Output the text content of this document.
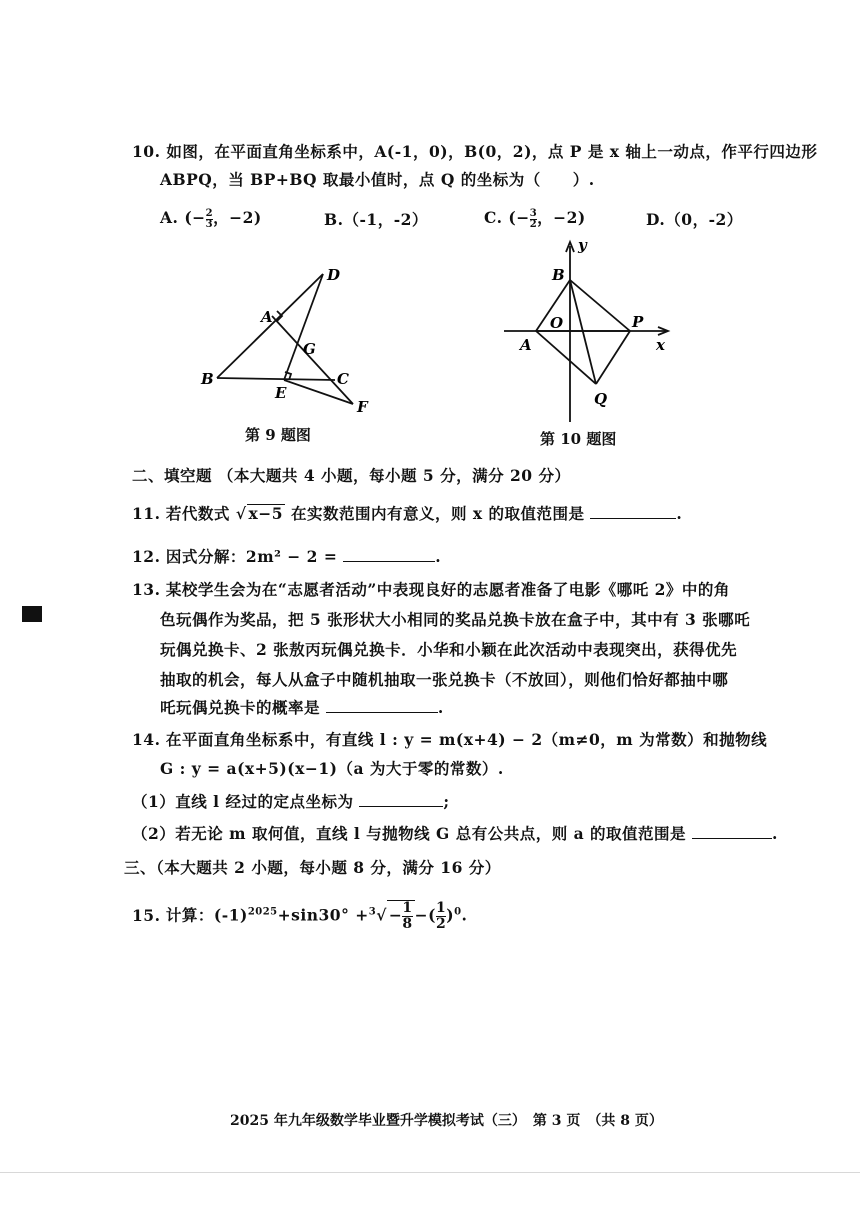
10. 如图，在平面直角坐标系中，A(-1，0)，B(0，2)，点 P 是 x 轴上一动点，作平行四边形
ABPQ，当 BP+BQ 取最小值时，点 Q 的坐标为（　　）.
A. (− $\frac{2}{3}$ ，−2)	B.（-1，-2）	C. (− $\frac{3}{2}$ ，−2)	D.（0，-2）
D
A
G
B	C
E
F
第 9 题图
y
B
O	P
A	x
Q
第 10 题图
二、填空题 （本大题共 4 小题，每小题 5 分，满分 20 分）
11. 若代数式 √ x−5 在实数范围内有意义，则 x 的取值范围是	.
12. 因式分解：2m² − 2 =	.
13. 某校学生会为在“志愿者活动”中表现良好的志愿者准备了电影《哪吒 2》中的角
色玩偶作为奖品，把 5 张形状大小相同的奖品兑换卡放在盒子中，其中有 3 张哪吒
玩偶兑换卡、2 张敖丙玩偶兑换卡．小华和小颖在此次活动中表现突出，获得优先
抽取的机会，每人从盒子中随机抽取一张兑换卡（不放回），则他们恰好都抽中哪
吒玩偶兑换卡的概率是	.
14. 在平面直角坐标系中，有直线 l : y = m(x+4) − 2（m≠0，m 为常数）和抛物线
G : y = a(x+5)(x−1)（a 为大于零的常数）.
（1）直线 l 经过的定点坐标为	;
（2）若无论 m 取何值，直线 l 与抛物线 G 总有公共点，则 a 的取值范围是	.
三、（本大题共 2 小题，每小题 8 分，满分 16 分）
15. 计算：$(-1)^{2025}+\sin 30^\circ +^3√ - \frac{1}{8}$ −( $\frac{1}{2} )^0$.
2025 年九年级数学毕业暨升学模拟考试（三）　第 3 页　（共 8 页）
